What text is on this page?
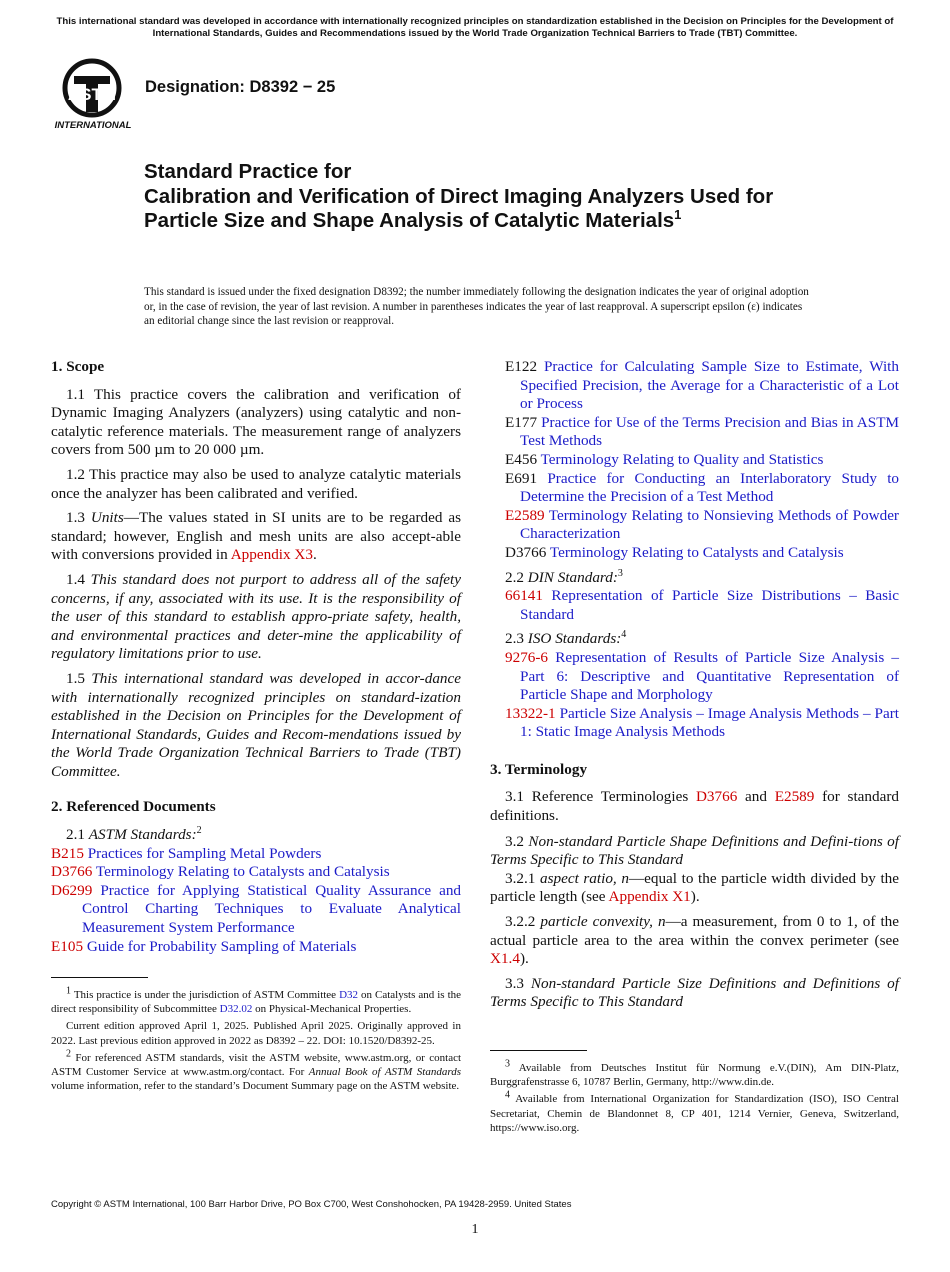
This international standard was developed in accordance with internationally recognized principles on standardization established in the Decision on Principles for the Development of International Standards, Guides and Recommendations issued by the World Trade Organization Technical Barriers to Trade (TBT) Committee.
ASTM
INTERNATIONAL
Designation: D8392 − 25
Standard Practice for
Calibration and Verification of Direct Imaging Analyzers Used for Particle Size and Shape Analysis of Catalytic Materials$^1$
This standard is issued under the fixed designation D8392; the number immediately following the designation indicates the year of original adoption or, in the case of revision, the year of last revision. A number in parentheses indicates the year of last reapproval. A superscript epsilon (ε) indicates an editorial change since the last revision or reapproval.
1. Scope

1.1 This practice covers the calibration and verification of Dynamic Imaging Analyzers (analyzers) using catalytic and non-catalytic reference materials. The measurement range of analyzers covers from 500 µm to 20 000 µm.

1.2 This practice may also be used to analyze catalytic materials once the analyzer has been calibrated and verified.

1.3 Units—The values stated in SI units are to be regarded as standard; however, English and mesh units are also accept-able with conversions provided in Appendix X3.

1.4 This standard does not purport to address all of the safety concerns, if any, associated with its use. It is the responsibility of the user of this standard to establish appro-priate safety, health, and environmental practices and deter-mine the applicability of regulatory limitations prior to use.

1.5 This international standard was developed in accor-dance with internationally recognized principles on standard-ization established in the Decision on Principles for the Development of International Standards, Guides and Recom-mendations issued by the World Trade Organization Technical Barriers to Trade (TBT) Committee.

2. Referenced Documents
2.1 ASTM Standards:$^2$
B215 Practices for Sampling Metal Powders
D3766 Terminology Relating to Catalysts and Catalysis
D6299 Practice for Applying Statistical Quality Assurance and Control Charting Techniques to Evaluate Analytical Measurement System Performance
E105 Guide for Probability Sampling of Materials

$^1$ This practice is under the jurisdiction of ASTM Committee D32 on Catalysts and is the direct responsibility of Subcommittee D32.02 on Physical-Mechanical Properties.

Current edition approved April 1, 2025. Published April 2025. Originally approved in 2022. Last previous edition approved in 2022 as D8392 – 22. DOI: 10.1520/D8392-25.

$^2$ For referenced ASTM standards, visit the ASTM website, www.astm.org, or contact ASTM Customer Service at www.astm.org/contact. For Annual Book of ASTM Standards volume information, refer to the standard’s Document Summary page on the ASTM website.

E122 Practice for Calculating Sample Size to Estimate, With Specified Precision, the Average for a Characteristic of a Lot or Process
E177 Practice for Use of the Terms Precision and Bias in ASTM Test Methods
E456 Terminology Relating to Quality and Statistics
E691 Practice for Conducting an Interlaboratory Study to Determine the Precision of a Test Method
E2589 Terminology Relating to Nonsieving Methods of Powder Characterization
D3766 Terminology Relating to Catalysts and Catalysis
2.2 DIN Standard:$^3$
66141 Representation of Particle Size Distributions – Basic Standard
2.3 ISO Standards:$^4$
9276-6 Representation of Results of Particle Size Analysis – Part 6: Descriptive and Quantitative Representation of Particle Shape and Morphology
13322-1 Particle Size Analysis – Image Analysis Methods – Part 1: Static Image Analysis Methods
3. Terminology

3.1 Reference Terminologies D3766 and E2589 for standard definitions.

3.2 Non-standard Particle Shape Definitions and Defini-tions of Terms Specific to This Standard

3.2.1 aspect ratio, n—equal to the particle width divided by the particle length (see Appendix X1).

3.2.2 particle convexity, n—a measurement, from 0 to 1, of the actual particle area to the area within the convex perimeter (see X1.4).

3.3 Non-standard Particle Size Definitions and Definitions of Terms Specific to This Standard

$^3$ Available from Deutsches Institut für Normung e.V.(DIN), Am DIN-Platz, Burggrafenstrasse 6, 10787 Berlin, Germany, http://www.din.de.

$^4$ Available from International Organization for Standardization (ISO), ISO Central Secretariat, Chemin de Blandonnet 8, CP 401, 1214 Vernier, Geneva, Switzerland, https://www.iso.org.

Copyright © ASTM International, 100 Barr Harbor Drive, PO Box C700, West Conshohocken, PA 19428-2959. United States
1
